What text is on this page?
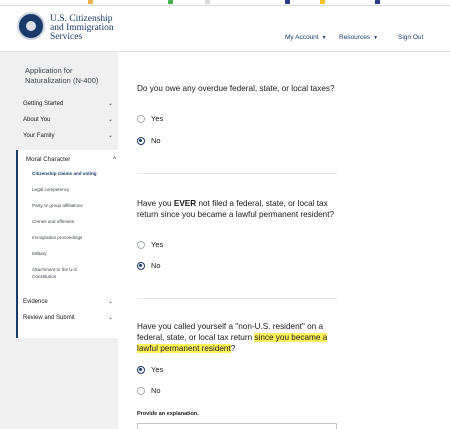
U.S. Citizenship
and Immigration
Services	My Account ▼ Resources ▼	Sign Out
Application for
Naturalization (N-400)
Getting Started	⌄
About You	⌄
Your Family	⌄
Moral Character	^
Citizenship claims and voting
Legal competency
Party or group affiliations
Crimes and offenses
Immigration proceedings
Military
Attachment to the U.S. Constitution
Evidence	⌄
Review and Submit	⌄
Do you owe any overdue federal, state, or local taxes?
Yes
No
Have you EVER not filed a federal, state, or local tax return since you became a lawful permanent resident?
Yes
No
Have you called yourself a "non-U.S. resident" on a federal, state, or local tax return since you became a lawful permanent resident?
Yes
No
Provide an explanation.
